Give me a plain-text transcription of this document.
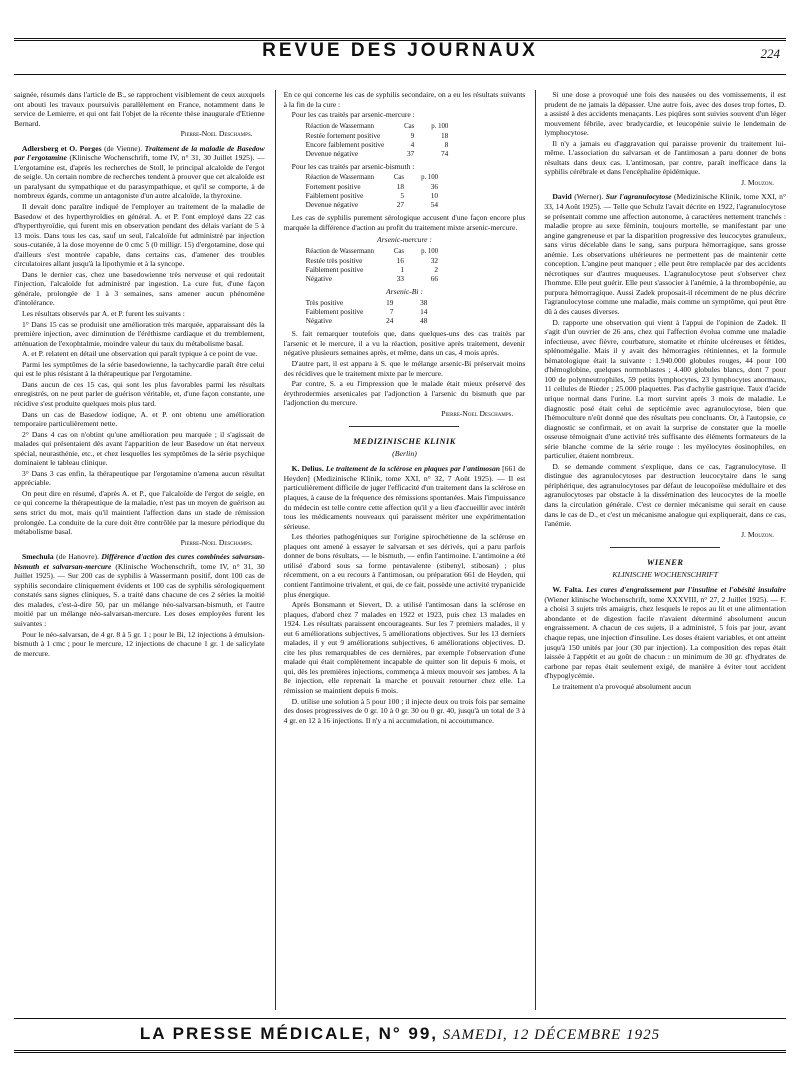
REVUE DES JOURNAUX	224

saignée, résumés dans l'article de B., se rapprochent visiblement de ceux auxquels ont abouti les travaux poursuivis parallèlement en France, notamment dans le service de Lemierre, et qui ont fait l'objet de la récente thèse inaugurale d'Etienne Bernard.

Pierre-Noel Deschamps.

Adlersberg et O. Porges (de Vienne). Traitement de la maladie de Basedow par l'ergotamine (Klinische Wochenschrift, tome IV, n° 31, 30 Juillet 1925). — L'ergotamine est, d'après les recherches de Stoll, le principal alcaloïde de l'ergot de seigle. Un certain nombre de recherches tendent à prouver que cet alcaloïde est un paralysant du sympathique et du parasympathique, et qu'il se comporte, à de nombreux égards, comme un antagoniste d'un autre alcaloïde, la thyroxine.

Il devait donc paraître indiqué de l'employer au traitement de la maladie de Basedow et des hyperthyroïdies en général. A. et P. l'ont employé dans 22 cas d'hyperthyroïdie, qui furent mis en observation pendant des délais variant de 5 à 13 mois. Dans tous les cas, sauf un seul, l'alcaloïde fut administré par injection sous-cutanée, à la dose moyenne de 0 cmc 5 (0 milligr. 15) d'ergotamine, dose qui d'ailleurs s'est montrée capable, dans certains cas, d'amener des troubles circulatoires allant jusqu'à la lipothymie et à la syncope.

Dans le dernier cas, chez une basedowienne très nerveuse et qui redoutait l'injection, l'alcaloïde fut administré par ingestion. La cure fut, d'une façon générale, prolongée de 1 à 3 semaines, sans amener aucun phénomène d'intolérance.

Les résultats observés par A. et P. furent les suivants :

1° Dans 15 cas se produisit une amélioration très marquée, apparaissant dès la première injection, avec diminution de l'éréthisme cardiaque et du tremblement, atténuation de l'exophtalmie, moindre valeur du taux du métabolisme basal.

A. et P. relatent en détail une observation qui paraît typique à ce point de vue.

Parmi les symptômes de la série basedowienne, la tachycardie paraît être celui qui est le plus résistant à la thérapeutique par l'ergotamine.

Dans aucun de ces 15 cas, qui sont les plus favorables parmi les résultats enregistrés, on ne peut parler de guérison véritable, et, d'une façon constante, une récidive s'est produite quelques mois plus tard.

Dans un cas de Basedow iodique, A. et P. ont obtenu une amélioration temporaire particulièrement nette.

2° Dans 4 cas on n'obtint qu'une amélioration peu marquée ; il s'agissait de malades qui présentaient dès avant l'apparition de leur Basedow un état nerveux spécial, neurasthénie, etc., et chez lesquelles les symptômes de la série psychique dominaient le tableau clinique.

3° Dans 3 cas enfin, la thérapeutique par l'ergotamine n'amena aucun résultat appréciable.

On peut dire en résumé, d'après A. et P., que l'alcaloïde de l'ergot de seigle, en ce qui concerne la thérapeutique de la maladie, n'est pas un moyen de guérison au sens strict du mot, mais qu'il maintient l'affection dans un stade de rémission prolongée. La conduite de la cure doit être contrôlée par la mesure périodique du métabolisme basal.

Pierre-Noel Deschamps.

Smechula (de Hanovre). Différence d'action des cures combinées salvarsan-bismuth et salvarsan-mercure (Klinische Wochenschrift, tome IV, n° 31, 30 Juillet 1925). — Sur 200 cas de syphilis à Wassermann positif, dont 100 cas de syphilis secondaire cliniquement évidents et 100 cas de syphilis sérologiquement constatés sans signes cliniques, S. a traité dans chacune de ces 2 séries la moitié des malades, c'est-à-dire 50, par un mélange néo-salvarsan-bismuth, et l'autre moitié par un mélange néo-salvarsan-mercure. Les doses employées furent les suivantes :

Pour le néo-salvarsan, de 4 gr. 8 à 5 gr. 1 ; pour le Bi, 12 injections à émulsion-bismuth à 1 cmc ; pour le mercure, 12 injections de chacune 1 gr. 1 de salicylate de mercure.

En ce qui concerne les cas de syphilis secondaire, on a eu les résultats suivants à la fin de la cure :

Pour les cas traités par arsenic-mercure :

Réaction de Wassermann	Cas	p. 100
Restée fortement positive	9	18
Encore faiblement positive	4	8
Devenue négative	37	74

Pour les cas traités par arsenic-bismuth :

Réaction de Wassermann	Cas	p. 100
Fortement positive	18	36
Faiblement positive	5	10
Devenue négative	27	54

Les cas de syphilis purement sérologique accusent d'une façon encore plus marquée la différence d'action au profit du traitement mixte arsenic-mercure.

Arsenic-mercure :
Réaction de Wassermann	Cas	p. 100
Restée très positive	16	32
Faiblement positive	1	2
Négative	33	66
Arsenic-Bi :
Très positive	19	38
Faiblement positive	7	14
Négative	24	48

S. fait remarquer toutefois que, dans quelques-uns des cas traités par l'arsenic et le mercure, il a vu la réaction, positive après traitement, devenir négative plusieurs semaines après, et même, dans un cas, 4 mois après.

D'autre part, il est apparu à S. que le mélange arsenic-Bi préservait moins des récidives que le traitement mixte par le mercure.

Par contre, S. a eu l'impression que le malade était mieux préservé des érythrodermies arsenicales par l'adjonction à l'arsenic du bismuth que par l'adjonction du mercure.

Pierre-Noel Deschamps.
MEDIZINISCHE KLINIK
(Berlin)

K. Delius. Le traitement de la sclérose en plaques par l'antimosan [661 de Heyden] (Medizinische Klinik, tome XXI, n° 32, 7 Août 1925). — Il est particulièrement difficile de juger l'efficacité d'un traitement dans la sclérose en plaques, à cause de la fréquence des rémissions spontanées. Mais l'impuissance du médecin est telle contre cette affection qu'il y a lieu d'accueillir avec intérêt tous les médicaments nouveaux qui paraissent mériter une expérimentation sérieuse.

Les théories pathogéniques sur l'origine spirochétienne de la sclérose en plaques ont amené à essayer le salvarsan et ses dérivés, qui a paru parfois donner de bons résultats, — le bismuth, — enfin l'antimoine. L'antimoine a été utilisé d'abord sous sa forme pentavalente (stibenyl, stibosan) ; plus récemment, on a eu recours à l'antimosan, ou préparation 661 de Heyden, qui contient l'antimoine trivalent, et qui, de ce fait, possède une activité trypanicide plus énergique.

Après Bonsmann et Sievert, D. a utilisé l'antimosan dans la sclérose en plaques, d'abord chez 7 malades en 1922 et 1923, puis chez 13 malades en 1924. Les résultats paraissent encourageants. Sur les 7 premiers malades, il y eut 6 améliorations subjectives, 5 améliorations objectives. Sur les 13 derniers malades, il y eut 9 améliorations subjectives, 6 améliorations objectives. D. cite les plus remarquables de ces dernières, par exemple l'observation d'une malade qui était complètement incapable de quitter son lit depuis 6 mois, et qui, dès les premières injections, commença à mieux mouvoir ses jambes. A la 8e injection, elle reprenait la marche et pouvait retourner chez elle. La rémission se maintient depuis 6 mois.

D. utilise une solution à 5 pour 100 ; il injecte deux ou trois fois par semaine des doses progressives de 0 gr. 10 à 0 gr. 30 ou 0 gr. 40, jusqu'à un total de 3 à 4 gr. en 12 à 16 injections. Il n'y a ni accumulation, ni accoutumance.

Si une dose a provoqué une fois des nausées ou des vomissements, il est prudent de ne jamais la dépasser. Une autre fois, avec des doses trop fortes, D. a assisté à des accidents menaçants. Les piqûres sont suivies souvent d'un léger mouvement fébrile, avec bradycardie, et leucopénie suivie le lendemain de lymphocytose.

Il n'y a jamais eu d'aggravation qui paraisse provenir du traitement lui-même. L'association du salvarsan et de l'antimosan a paru donner de bons résultats dans deux cas. L'antimosan, par contre, paraît inefficace dans la syphilis cérébrale et dans l'encéphalite épidémique.

J. Mouzon.

David (Werner). Sur l'agranulocytose (Medizinische Klinik, tome XXI, n° 33, 14 Août 1925). — Telle que Schulz l'avait décrite en 1922, l'agranulocytose se présentait comme une affection autonome, à caractères nettement tranchés : maladie propre au sexe féminin, toujours mortelle, se manifestant par une angine gangreneuse et par la disparition progressive des leucocytes granuleux, sans virus décelable dans le sang, sans purpura hémorragique, sans grosse anémie. Les observations ultérieures ne permettent pas de maintenir cette conception. L'angine peut manquer ; elle peut être remplacée par des accidents nécrotiques sur d'autres muqueuses. L'agranulocytose peut s'observer chez l'homme. Elle peut guérir. Elle peut s'associer à l'anémie, à la thrombopénie, au purpura hémorragique. Aussi Zadek proposait-il récemment de ne plus décrire l'agranulocytose comme une maladie, mais comme un symptôme, qui peut être dû à des causes diverses.

D. rapporte une observation qui vient à l'appui de l'opinion de Zadek. Il s'agit d'un ouvrier de 26 ans, chez qui l'affection évolua comme une maladie infectieuse, avec fièvre, courbature, stomatite et rhinite ulcéreuses et fétides, splénomégalie. Mais il y avait des hémorragies rétiniennes, et la formule hématologique était la suivante : 1.940.000 globules rouges, 44 pour 100 d'hémoglobine, quelques normoblastes ; 4.400 globules blancs, dont 7 pour 100 de polynneutrophiles, 59 petits lymphocytes, 23 lymphocytes anormaux, 11 cellules de Rieder ; 25.000 plaquettes. Pas d'achylie gastrique. Taux d'acide urique normal dans l'urine. La mort survint après 3 mois de maladie. Le diagnostic posé était celui de septicémie avec agranulocytose, bien que l'hémoculture n'eût donné que des résultats peu concluants. Or, à l'autopsie, ce diagnostic se confirmait, et on avait la surprise de constater que la moelle osseuse témoignait d'une activité très suffisante des éléments formateurs de la série blanche comme de la série rouge : les myélocytes éosinophiles, en particulier, étaient nombreux.

D. se demande comment s'explique, dans ce cas, l'agranulocytose. Il distingue des agranulocytoses par destruction leucocytaire dans le sang périphérique, des agranulocytoses par défaut de leucopoïèse médullaire et des agranulocytoses par obstacle à la dissémination des leucocytes de la moelle dans la circulation générale. C'est ce dernier mécanisme qui serait en cause dans le cas de D., et c'est un mécanisme analogue qui expliquerait, dans ce cas, l'anémie.

J. Mouzon.
WIENER
KLINISCHE WOCHENSCHRIFT

W. Falta. Les cures d'engraissement par l'insuline et l'obésité insulaire (Wiener klinische Wochenschrift, tome XXXVIII, n° 27, 2 Juillet 1925). — F. a choisi 3 sujets très amaigris, chez lesquels le repos au lit et une alimentation abondante et de digestion facile n'avaient déterminé absolument aucun engraissement. A chacun de ces sujets, il a administré, 5 fois par jour, avant chaque repas, une injection d'insuline. Les doses étaient variables, et ont atteint jusqu'à 150 unités par jour (30 par injection). La composition des repas était laissée à l'appétit et au goût de chacun : un minimum de 30 gr. d'hydrates de carbone par repas était seulement exigé, de manière à éviter tout accident d'hypoglycémie.

Le traitement n'a provoqué absolument aucun

LA PRESSE MÉDICALE, N° 99, SAMEDI, 12 DÉCEMBRE 1925
